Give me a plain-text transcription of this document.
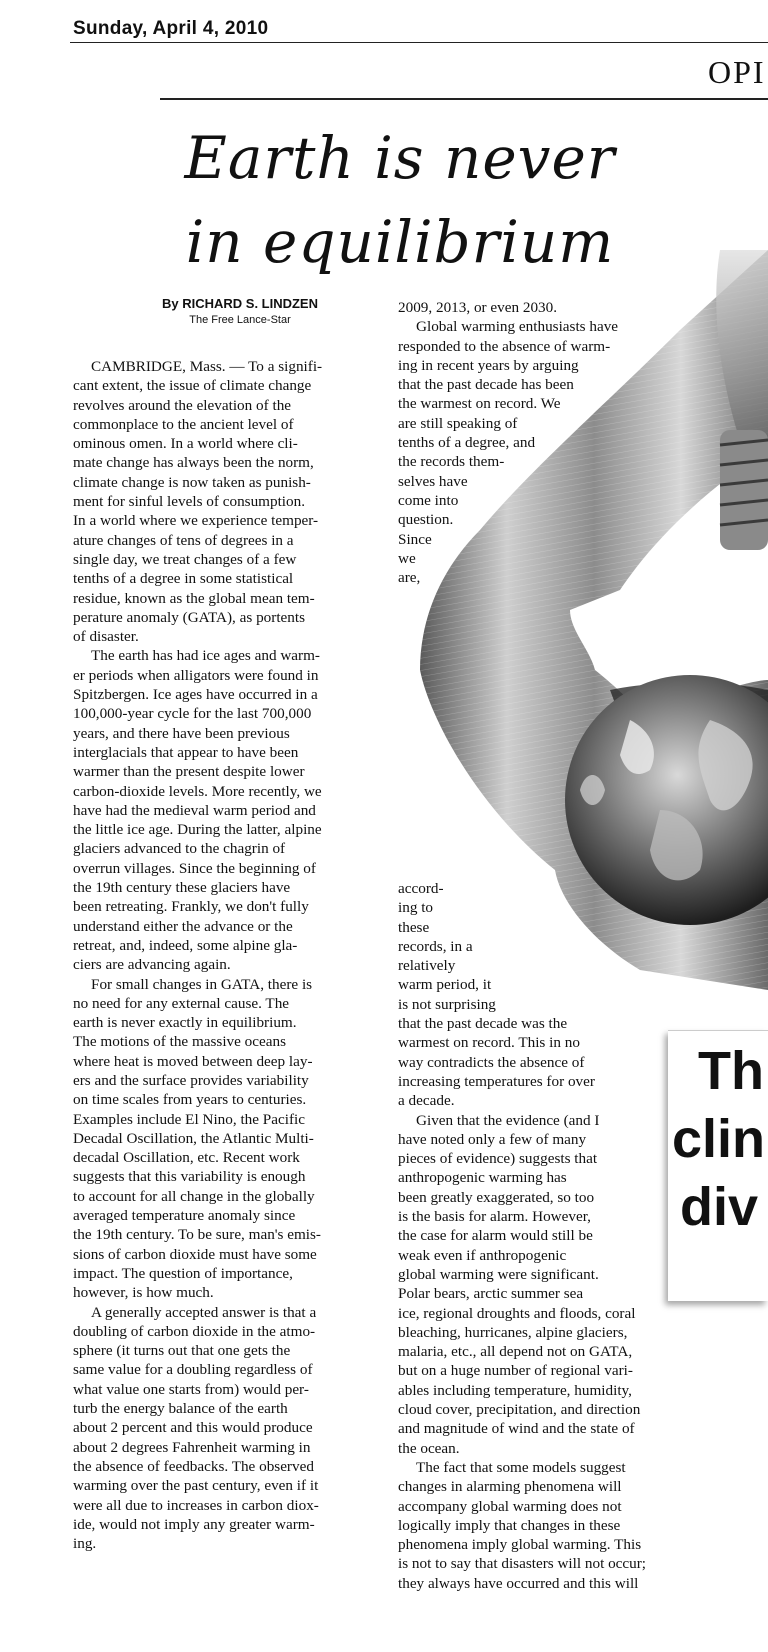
Sunday, April 4, 2010
OPI
Earth is never
in equilibrium
By RICHARD S. LINDZEN
The Free Lance-Star

CAMBRIDGE, Mass. — To a signifi-
cant extent, the issue of climate change
revolves around the elevation of the
commonplace to the ancient level of
ominous omen. In a world where cli-
mate change has always been the norm,
climate change is now taken as punish-
ment for sinful levels of consumption.
In a world where we experience temper-
ature changes of tens of degrees in a
single day, we treat changes of a few
tenths of a degree in some statistical
residue, known as the global mean tem-
perature anomaly (GATA), as portents
of disaster.

The earth has had ice ages and warm-
er periods when alligators were found in
Spitzbergen. Ice ages have occurred in a
100,000-year cycle for the last 700,000
years, and there have been previous
interglacials that appear to have been
warmer than the present despite lower
carbon-dioxide levels. More recently, we
have had the medieval warm period and
the little ice age. During the latter, alpine
glaciers advanced to the chagrin of
overrun villages. Since the beginning of
the 19th century these glaciers have
been retreating. Frankly, we don't fully
understand either the advance or the
retreat, and, indeed, some alpine gla-
ciers are advancing again.

For small changes in GATA, there is
no need for any external cause. The
earth is never exactly in equilibrium.
The motions of the massive oceans
where heat is moved between deep lay-
ers and the surface provides variability
on time scales from years to centuries.
Examples include El Nino, the Pacific
Decadal Oscillation, the Atlantic Multi-
decadal Oscillation, etc. Recent work
suggests that this variability is enough
to account for all change in the globally
averaged temperature anomaly since
the 19th century. To be sure, man's emis-
sions of carbon dioxide must have some
impact. The question of importance,
however, is how much.

A generally accepted answer is that a
doubling of carbon dioxide in the atmo-
sphere (it turns out that one gets the
same value for a doubling regardless of
what value one starts from) would per-
turb the energy balance of the earth
about 2 percent and this would produce
about 2 degrees Fahrenheit warming in
the absence of feedbacks. The observed
warming over the past century, even if it
were all due to increases in carbon diox-
ide, would not imply any greater warm-
ing.

2009, 2013, or even 2030.

Global warming enthusiasts have
responded to the absence of warm-
ing in recent years by arguing
that the past decade has been
the warmest on record. We
are still speaking of
tenths of a degree, and
the records them-
selves have
come into
question.
Since
we
are,

accord-
ing to
these
records, in a
relatively
warm period, it
is not surprising
that the past decade was the
warmest on record. This in no
way contradicts the absence of
increasing temperatures for over
a decade.

Given that the evidence (and I
have noted only a few of many
pieces of evidence) suggests that
anthropogenic warming has
been greatly exaggerated, so too
is the basis for alarm. However,
the case for alarm would still be
weak even if anthropogenic
global warming were significant.
Polar bears, arctic summer sea
ice, regional droughts and floods, coral
bleaching, hurricanes, alpine glaciers,
malaria, etc., all depend not on GATA,
but on a huge number of regional vari-
ables including temperature, humidity,
cloud cover, precipitation, and direction
and magnitude of wind and the state of
the ocean.

The fact that some models suggest
changes in alarming phenomena will
accompany global warming does not
logically imply that changes in these
phenomena imply global warming. This
is not to say that disasters will not occur;
they always have occurred and this will

Th
clin
div
